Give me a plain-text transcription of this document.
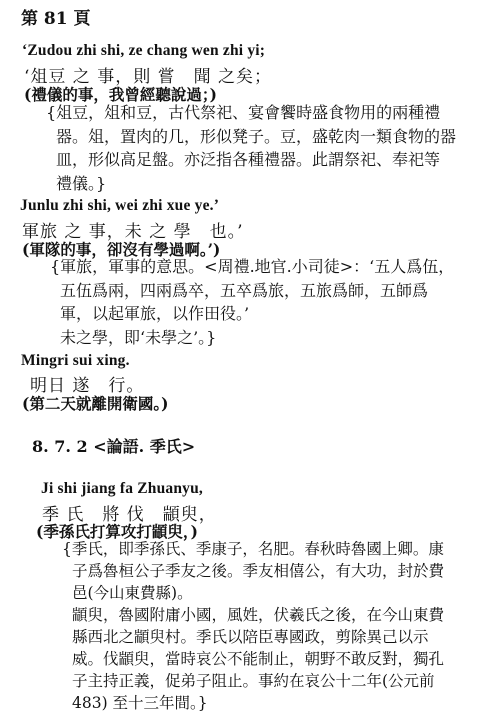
第 81 頁
‘Zudou zhi shi, ze chang wen zhi yi;
‘俎豆 之 事，則 嘗　聞 之矣；
(禮儀的事，我曾經聽說過；)
{俎豆，俎和豆，古代祭祀、宴會饗時盛食物用的兩種禮
器。俎，置肉的几，形似凳子。豆，盛乾肉一類食物的器
皿，形似高足盤。亦泛指各種禮器。此謂祭祀、奉祀等
禮儀。}
Junlu zhi shi, wei zhi xue ye.’
軍旅 之 事，未 之 學　也。’
(軍隊的事，卻沒有學過啊。’)
{軍旅，軍事的意思。<周禮.地官.小司徒>：‘五人爲伍，
五伍爲兩，四兩爲卒，五卒爲旅，五旅爲師，五師爲
軍，以起軍旅，以作田役。’
未之學，即‘未學之’。}
Mingri sui xing.
明日 遂　行。
(第二天就離開衛國。)
8. 7. 2 <論語. 季氏>
Ji shi jiang fa Zhuanyu,
季 氏　將 伐　顓臾，
(季孫氏打算攻打顓臾，)
{季氏，即季孫氏、季康子，名肥。春秋時魯國上卿。康
子爲魯桓公子季友之後。季友相僖公，有大功，封於費
邑(今山東費縣)。
顓臾，魯國附庸小國，風姓，伏羲氏之後，在今山東費
縣西北之顓臾村。季氏以陪臣專國政，剪除異己以示
威。伐顓臾，當時哀公不能制止，朝野不敢反對，獨孔
子主持正義，促弟子阻止。事約在哀公十二年(公元前
483) 至十三年間。}
